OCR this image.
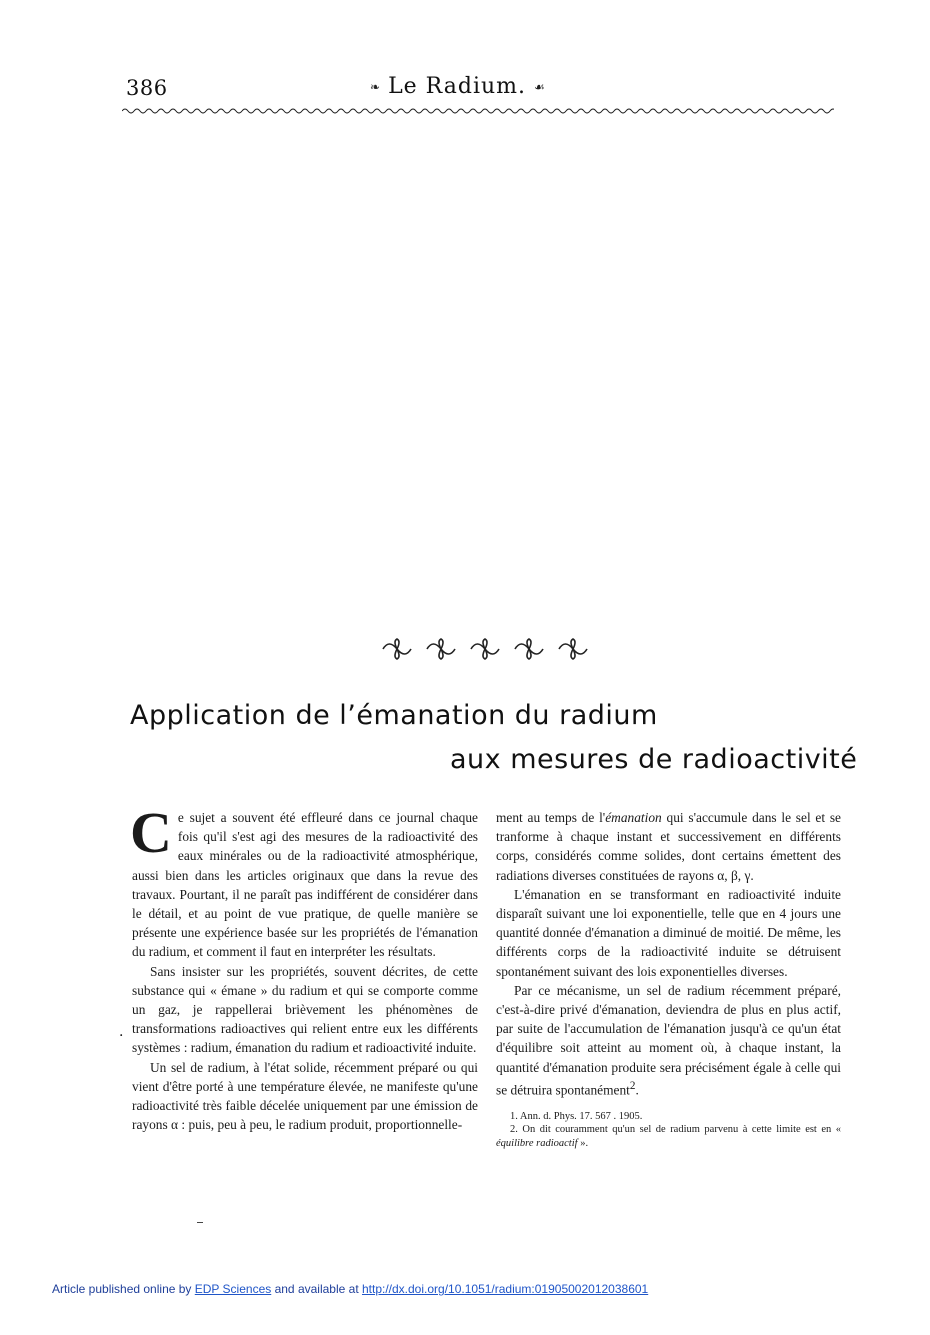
386	❧ Le Radium. ☙
Application de l’émanation du radium
aux mesures de radioactivité

Ce sujet a souvent été effleuré dans ce journal chaque fois qu'il s'est agi des mesures de la radioactivité des eaux minérales ou de la radioactivité atmosphérique, aussi bien dans les articles originaux que dans la revue des travaux. Pourtant, il ne paraît pas indifférent de considérer dans le détail, et au point de vue pratique, de quelle manière se présente une expérience basée sur les propriétés de l'émanation du radium, et comment il faut en interpréter les résultats.

Sans insister sur les propriétés, souvent décrites, de cette substance qui « émane » du radium et qui se comporte comme un gaz, je rappellerai brièvement les phénomènes de transformations radioactives qui relient entre eux les différents systèmes : radium, émanation du radium et radioactivité induite.

Un sel de radium, à l'état solide, récemment préparé ou qui vient d'être porté à une température élevée, ne manifeste qu'une radioactivité très faible décelée uniquement par une émission de rayons α : puis, peu à peu, le radium produit, proportionnelle-

ment au temps de l'émanation qui s'accumule dans le sel et se tranforme à chaque instant et successivement en différents corps, considérés comme solides, dont certains émettent des radiations diverses constituées de rayons α, β, γ.

L'émanation en se transformant en radioactivité induite disparaît suivant une loi exponentielle, telle que en 4 jours une quantité donnée d'émanation a diminué de moitié. De même, les différents corps de la radioactivité induite se détruisent spontanément suivant des lois exponentielles diverses.

Par ce mécanisme, un sel de radium récemment préparé, c'est-à-dire privé d'émanation, deviendra de plus en plus actif, par suite de l'accumulation de l'émanation jusqu'à ce qu'un état d'équilibre soit atteint au moment où, à chaque instant, la quantité d'émanation produite sera précisément égale à celle qui se détruira spontanément$^2$.

1. Ann. d. Phys. 17. 567 . 1905.

2. On dit couramment qu'un sel de radium parvenu à cette limite est en « équilibre radioactif ».

·
Article published online by EDP Sciences and available at http://dx.doi.org/10.1051/radium:01905002012038601
